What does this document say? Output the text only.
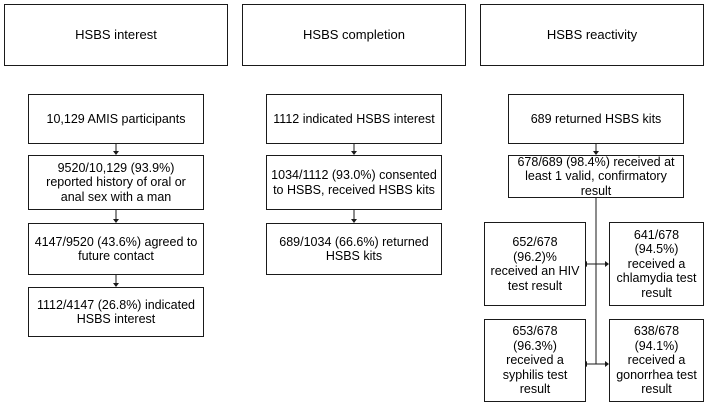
HSBS interest
10,129 AMIS participants
9520/10,129 (93.9%) reported history of oral or anal sex with a man
4147/9520 (43.6%) agreed to future contact
1112/4147 (26.8%) indicated HSBS interest
HSBS completion
1112 indicated HSBS interest
1034/1112 (93.0%) consented to HSBS, received HSBS kits
689/1034 (66.6%) returned HSBS kits
HSBS reactivity
689 returned HSBS kits
678/689 (98.4%) received at least 1 valid, confirmatory result
652/678 (96.2)% received an HIV test result
641/678 (94.5%) received a chlamydia test result
653/678 (96.3%) received a syphilis test result
638/678 (94.1%) received a gonorrhea test result
